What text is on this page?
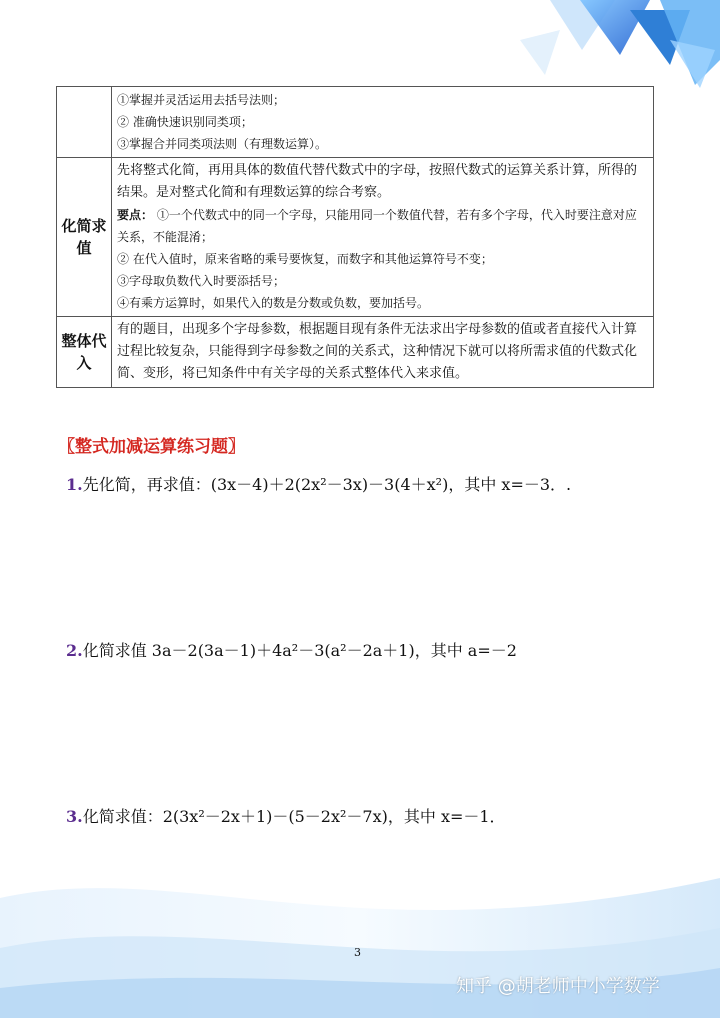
	①掌握并灵活运用去括号法则；

② 准确快速识别同类项；

③掌握合并同类项法则（有理数运算）。

化简求值	先将整式化简，再用具体的数值代替代数式中的字母，按照代数式的运算关系计算，所得的结果。是对整式化简和有理数运算的综合考察。

要点： ①一个代数式中的同一个字母，只能用同一个数值代替，若有多个字母，代入时要注意对应关系，不能混淆；

② 在代入值时，原来省略的乘号要恢复，而数字和其他运算符号不变；

③字母取负数代入时要添括号；

④有乘方运算时，如果代入的数是分数或负数，要加括号。

整体代入	有的题目，出现多个字母参数，根据题目现有条件无法求出字母参数的值或者直接代入计算过程比较复杂，只能得到字母参数之间的关系式，这种情况下就可以将所需求值的代数式化简、变形，将已知条件中有关字母的关系式整体代入来求值。

〖整式加减运算练习题〗

1.先化简，再求值：(3x－4)＋2(2x²－3x)－3(4＋x²)，其中 x=－3．.

2.化简求值 3a－2(3a－1)＋4a²－3(a²－2a＋1)，其中 a=－2

3.化简求值：2(3x²－2x＋1)－(5－2x²－7x)，其中 x=－1．

3

知乎 @胡老师中小学数学
